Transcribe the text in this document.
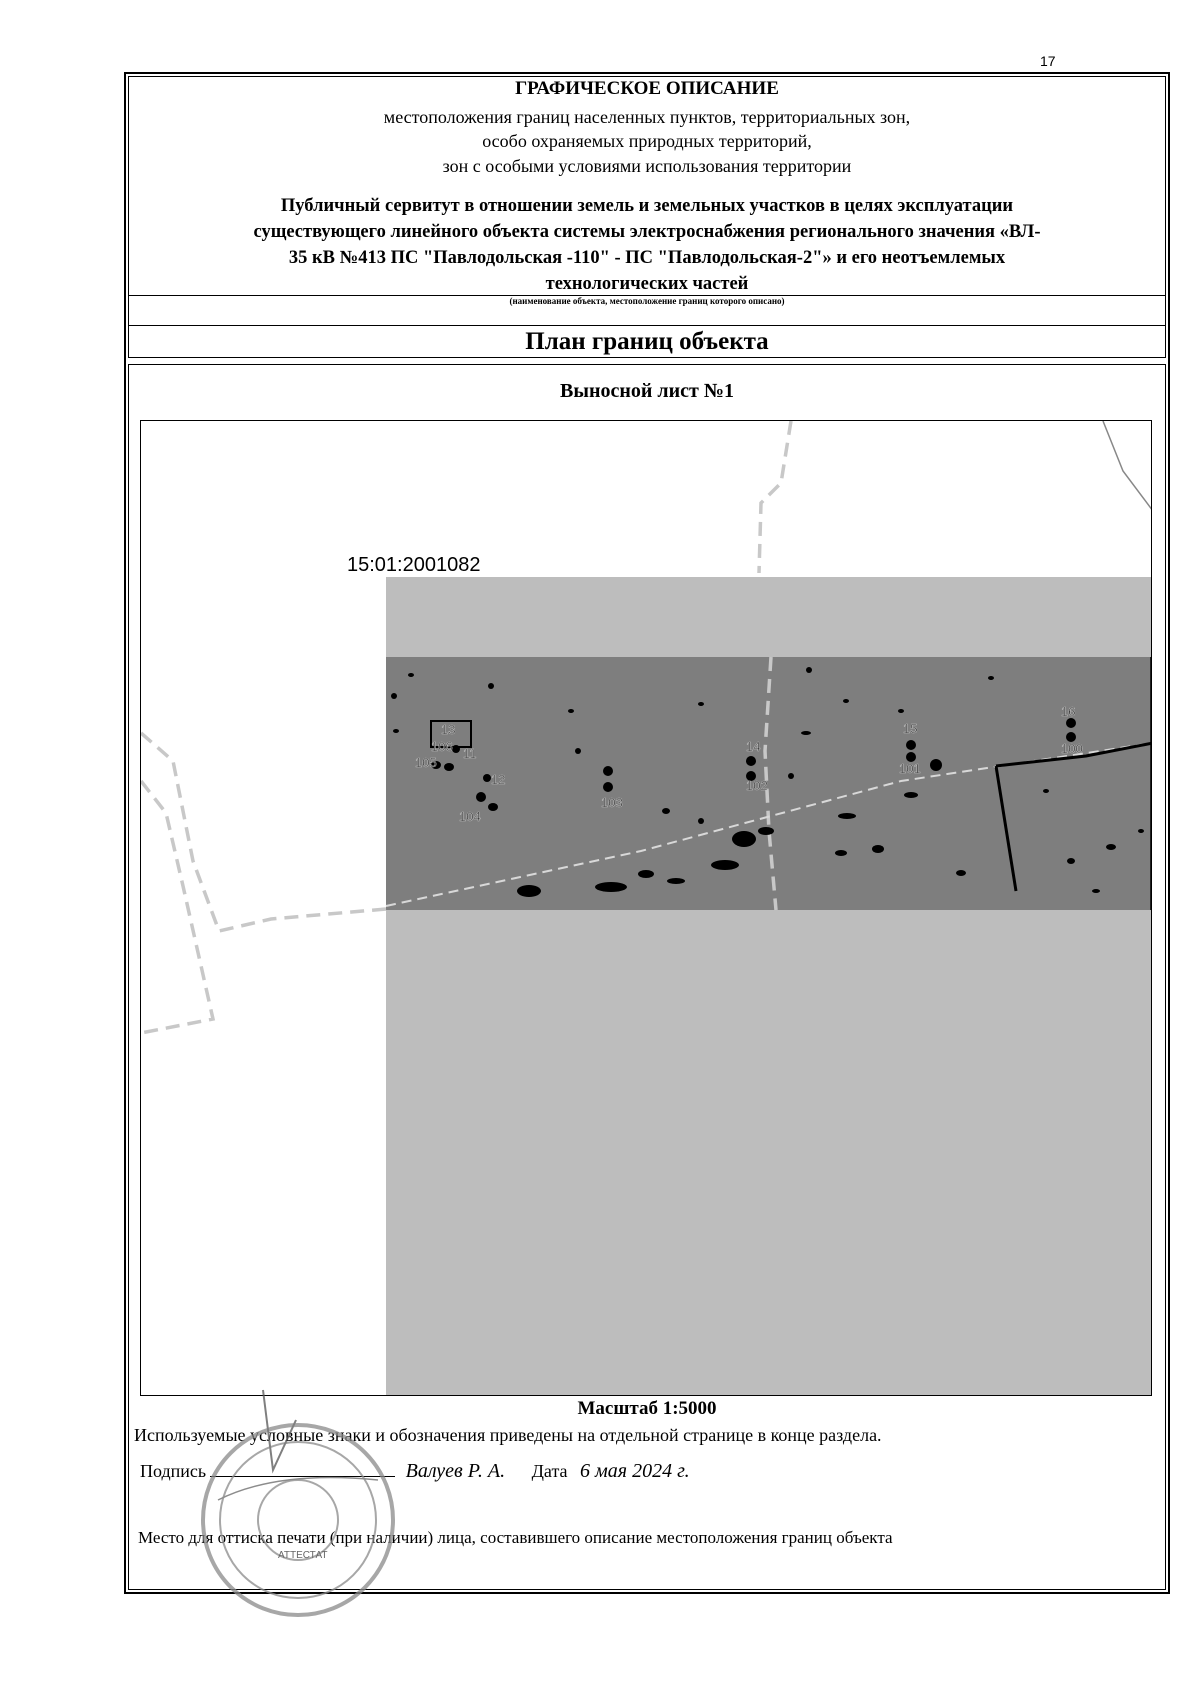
17
ГРАФИЧЕСКОЕ ОПИСАНИЕ
местоположения границ населенных пунктов, территориальных зон,
особо охраняемых природных территорий,
зон с особыми условиями использования территории
Публичный сервитут в отношении земель и земельных участков в целях эксплуатации
существующего линейного объекта системы электроснабжения регионального значения «ВЛ-
35 кВ №413 ПС "Павлодольская -110" - ПС "Павлодольская-2"» и его неотъемлемых
технологических частей
(наименование объекта, местоположение границ которого описано)
План границ объекта
Выносной лист №1
13
12
11
16
15
14	100
101
102
103
104
105
106
15:01:2001082
Масштаб 1:5000
Используемые условные знаки и обозначения приведены на отдельной странице в конце раздела.
Подпись	Валуев Р. А. Дата 6 мая 2024 г.
Место для оттиска печати (при наличии) лица, составившего описание местоположения границ объекта
АТТЕСТАТ
